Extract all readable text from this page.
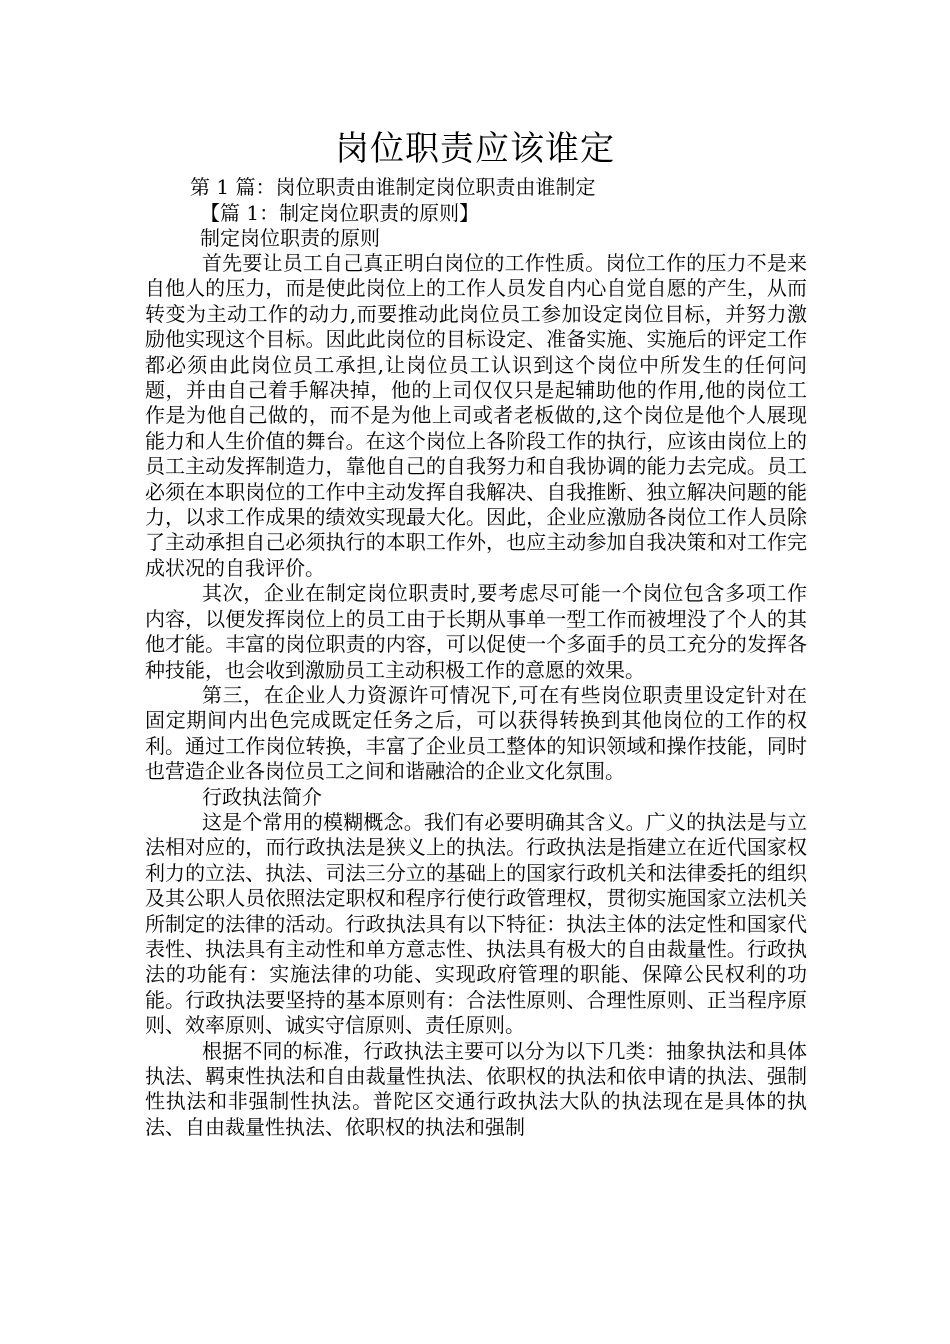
岗位职责应该谁定
第 1 篇：岗位职责由谁制定岗位职责由谁制定
【篇 1：制定岗位职责的原则】
制定岗位职责的原则

首先要让员工自己真正明白岗位的工作性质。岗位工作的压力不是来自他人的压力，而是使此岗位上的工作人员发自内心自觉自愿的产生，从而转变为主动工作的动力,而要推动此岗位员工参加设定岗位目标，并努力激励他实现这个目标。因此此岗位的目标设定、准备实施、实施后的评定工作都必须由此岗位员工承担,让岗位员工认识到这个岗位中所发生的任何问题，并由自己着手解决掉，他的上司仅仅只是起辅助他的作用,他的岗位工作是为他自己做的，而不是为他上司或者老板做的,这个岗位是他个人展现能力和人生价值的舞台。在这个岗位上各阶段工作的执行，应该由岗位上的员工主动发挥制造力，靠他自己的自我努力和自我协调的能力去完成。员工必须在本职岗位的工作中主动发挥自我解决、自我推断、独立解决问题的能力，以求工作成果的绩效实现最大化。因此，企业应激励各岗位工作人员除了主动承担自己必须执行的本职工作外，也应主动参加自我决策和对工作完成状况的自我评价。

其次，企业在制定岗位职责时,要考虑尽可能一个岗位包含多项工作内容，以便发挥岗位上的员工由于长期从事单一型工作而被埋没了个人的其他才能。丰富的岗位职责的内容，可以促使一个多面手的员工充分的发挥各种技能，也会收到激励员工主动积极工作的意愿的效果。

第三，在企业人力资源许可情况下,可在有些岗位职责里设定针对在固定期间内出色完成既定任务之后，可以获得转换到其他岗位的工作的权利。通过工作岗位转换，丰富了企业员工整体的知识领域和操作技能，同时也营造企业各岗位员工之间和谐融洽的企业文化氛围。

行政执法简介

这是个常用的模糊概念。我们有必要明确其含义。广义的执法是与立法相对应的，而行政执法是狭义上的执法。行政执法是指建立在近代国家权利力的立法、执法、司法三分立的基础上的国家行政机关和法律委托的组织及其公职人员依照法定职权和程序行使行政管理权，贯彻实施国家立法机关所制定的法律的活动。行政执法具有以下特征：执法主体的法定性和国家代表性、执法具有主动性和单方意志性、执法具有极大的自由裁量性。行政执法的功能有：实施法律的功能、实现政府管理的职能、保障公民权利的功能。行政执法要坚持的基本原则有：合法性原则、合理性原则、正当程序原则、效率原则、诚实守信原则、责任原则。

根据不同的标准，行政执法主要可以分为以下几类：抽象执法和具体执法、羁束性执法和自由裁量性执法、依职权的执法和依申请的执法、强制性执法和非强制性执法。普陀区交通行政执法大队的执法现在是具体的执法、自由裁量性执法、依职权的执法和强制
